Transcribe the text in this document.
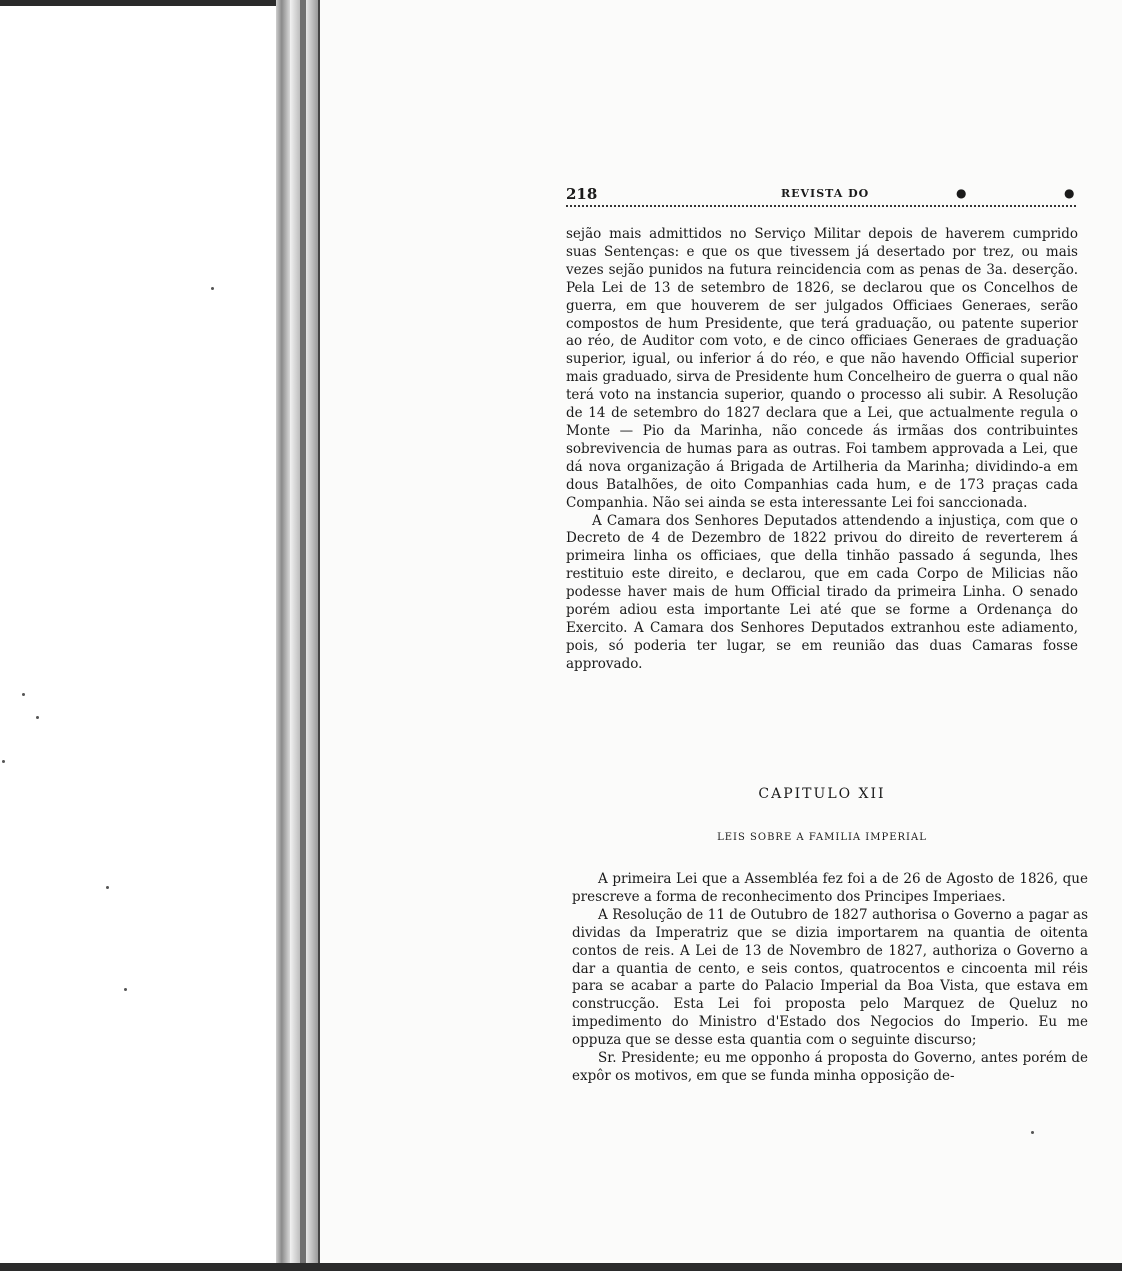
218	REVISTA DO	●	●

sejão mais admittidos no Serviço Militar depois de haverem cumprido suas Sentenças: e que os que tivessem já desertado por trez, ou mais vezes sejão punidos na futura reincidencia com as penas de 3a. deserção. Pela Lei de 13 de setembro de 1826, se declarou que os Concelhos de guerra, em que houverem de ser julgados Officiaes Generaes, serão compostos de hum Presidente, que terá graduação, ou patente superior ao réo, de Auditor com voto, e de cinco officiaes Generaes de graduação superior, igual, ou inferior á do réo, e que não havendo Official superior mais graduado, sirva de Presidente hum Concelheiro de guerra o qual não terá voto na instancia superior, quando o processo ali subir. A Resolução de 14 de setembro do 1827 declara que a Lei, que actualmente regula o Monte — Pio da Marinha, não concede ás irmãas dos contribuintes sobrevivencia de humas para as outras. Foi tambem approvada a Lei, que dá nova organização á Brigada de Artilheria da Marinha; dividindo-a em dous Batalhões, de oito Companhias cada hum, e de 173 praças cada Companhia. Não sei ainda se esta interessante Lei foi sanccionada.

A Camara dos Senhores Deputados attendendo a injustiça, com que o Decreto de 4 de Dezembro de 1822 privou do direito de reverterem á primeira linha os officiaes, que della tinhão passado á segunda, lhes restituio este direito, e declarou, que em cada Corpo de Milicias não podesse haver mais de hum Official tirado da primeira Linha. O senado porém adiou esta importante Lei até que se forme a Ordenança do Exercito. A Camara dos Senhores Deputados extranhou este adiamento, pois, só poderia ter lugar, se em reunião das duas Camaras fosse approvado.

CAPITULO XII
LEIS SOBRE A FAMILIA IMPERIAL

A primeira Lei que a Assembléa fez foi a de 26 de Agosto de 1826, que prescreve a forma de reconhecimento dos Principes Imperiaes.

A Resolução de 11 de Outubro de 1827 authorisa o Governo a pagar as dividas da Imperatriz que se dizia importarem na quantia de oitenta contos de reis. A Lei de 13 de Novembro de 1827, authoriza o Governo a dar a quantia de cento, e seis contos, quatrocentos e cincoenta mil réis para se acabar a parte do Palacio Imperial da Boa Vista, que estava em construcção. Esta Lei foi proposta pelo Marquez de Queluz no impedimento do Ministro d'Estado dos Negocios do Imperio. Eu me oppuza que se desse esta quantia com o seguinte discurso;

Sr. Presidente; eu me opponho á proposta do Governo, antes porém de expôr os motivos, em que se funda minha opposição de-
